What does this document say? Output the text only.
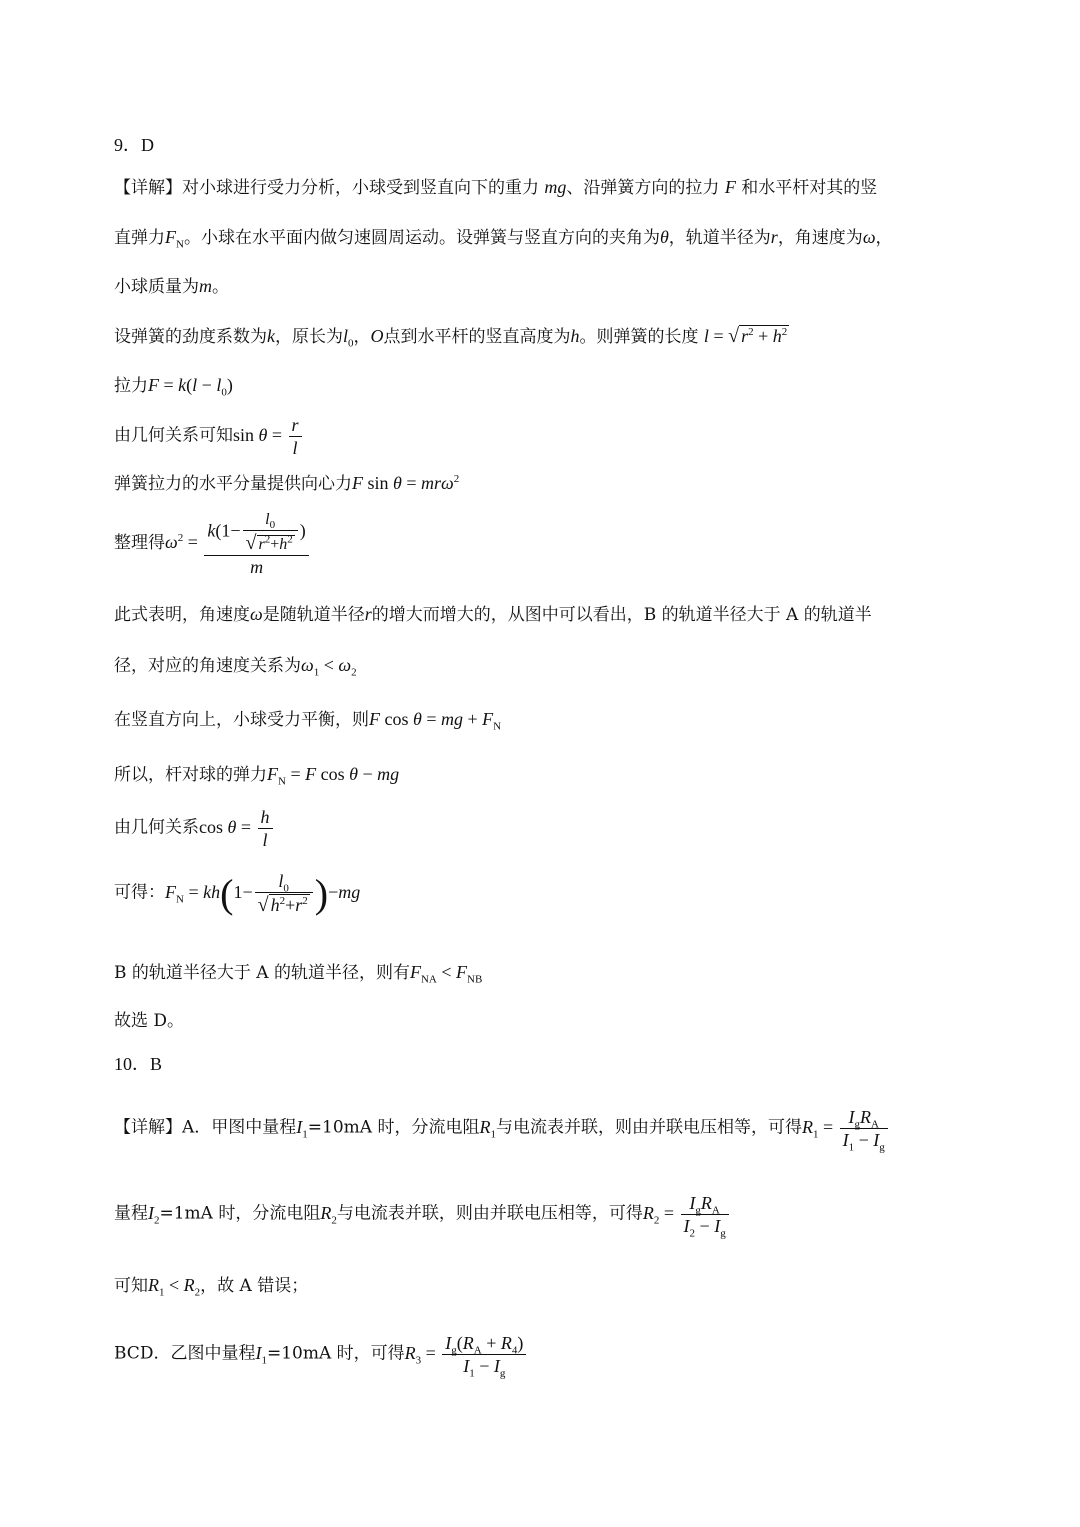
9．D
【详解】对小球进行受力分析，小球受到竖直向下的重力 mg、沿弹簧方向的拉力 F 和水平杆对其的竖
直弹力$F_N$。小球在水平面内做匀速圆周运动。设弹簧与竖直方向的夹角为θ，轨道半径为r，角速度为ω，
小球质量为m。
设弹簧的劲度系数为k，原长为$l_0$，O点到水平杆的竖直高度为h。则弹簧的长度 l = √ $r^2 + h^2$
拉力$F = k(l - l_0)$
由几何关系可知$\sin \theta = \frac{r}{l}$
弹簧拉力的水平分量提供向心力F sin θ = mrω$^2$
整理得$\omega^2 = \frac{k(1- \frac{l_0}{√ r^2+h^2} )}{m}$
此式表明，角速度ω是随轨道半径r的增大而增大的，从图中可以看出，B 的轨道半径大于 A 的轨道半
径，对应的角速度关系为$\omega_1 < \omega_2$
在竖直方向上，小球受力平衡，则F cos θ = mg + $F_N$
所以，杆对球的弹力$F_N = F$ cos θ − mg
由几何关系$\cos \theta = \frac{h}{l}$
可得：$F_N = kh(1- \frac{l_0}{√ h^2+r^2} )-mg$
B 的轨道半径大于 A 的轨道半径，则有$F_{NA} < F_{NB}$
故选 D。
10．B
【详解】A．甲图中量程$I_1=10mA$ 时，分流电阻$R_1$与电流表并联，则由并联电压相等，可得$R_1 = \frac{I_gR_A}{I_1 - I_g}$
量程$I_2=1mA$ 时，分流电阻$R_2$与电流表并联，则由并联电压相等，可得$R_2 = \frac{I_gR_A}{I_2 - I_g}$
可知$R_1 < R_2$，故 A 错误；
BCD．乙图中量程$I_1=10mA$ 时，可得$R_3 = \frac{I_g(R_A + R_4)}{I_1 - I_g}$
